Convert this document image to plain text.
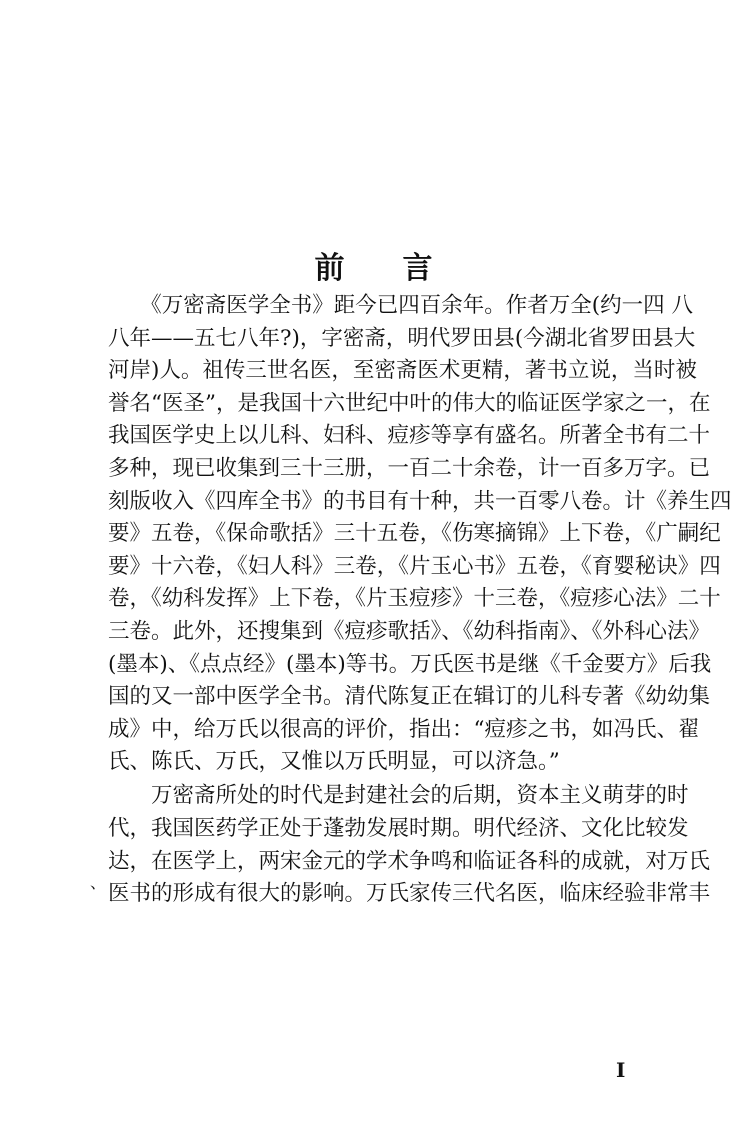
前言
　　《万密斋医学全书》距今已四百余年。作者万全(约一四 八
八年——五七八年?)，字密斋，明代罗田县(今湖北省罗田县大
河岸)人。祖传三世名医，至密斋医术更精，著书立说，当时被
誉名“医圣”，是我国十六世纪中叶的伟大的临证医学家之一，在
我国医学史上以儿科、妇科、痘疹等享有盛名。所著全书有二十
多种，现已收集到三十三册，一百二十余卷，计一百多万字。已
刻版收入《四库全书》的书目有十种，共一百零八卷。计《养生四
要》五卷，《保命歌括》三十五卷，《伤寒摘锦》上下卷，《广嗣纪
要》十六卷，《妇人科》三卷，《片玉心书》五卷，《育婴秘诀》四
卷，《幼科发挥》上下卷，《片玉痘疹》十三卷，《痘疹心法》二十
三卷。此外，还搜集到《痘疹歌括》、《幼科指南》、《外科心法》
(墨本)、《点点经》(墨本)等书。万氏医书是继《千金要方》后我
国的又一部中医学全书。清代陈复正在辑订的儿科专著《幼幼集
成》中，给万氏以很高的评价，指出：“痘疹之书，如冯氏、翟
氏、陈氏、万氏，又惟以万氏明显，可以济急。”
　　万密斋所处的时代是封建社会的后期，资本主义萌芽的时
代，我国医药学正处于蓬勃发展时期。明代经济、文化比较发
达，在医学上，两宋金元的学术争鸣和临证各科的成就，对万氏
医书的形成有很大的影响。万氏家传三代名医，临床经验非常丰
、
I
